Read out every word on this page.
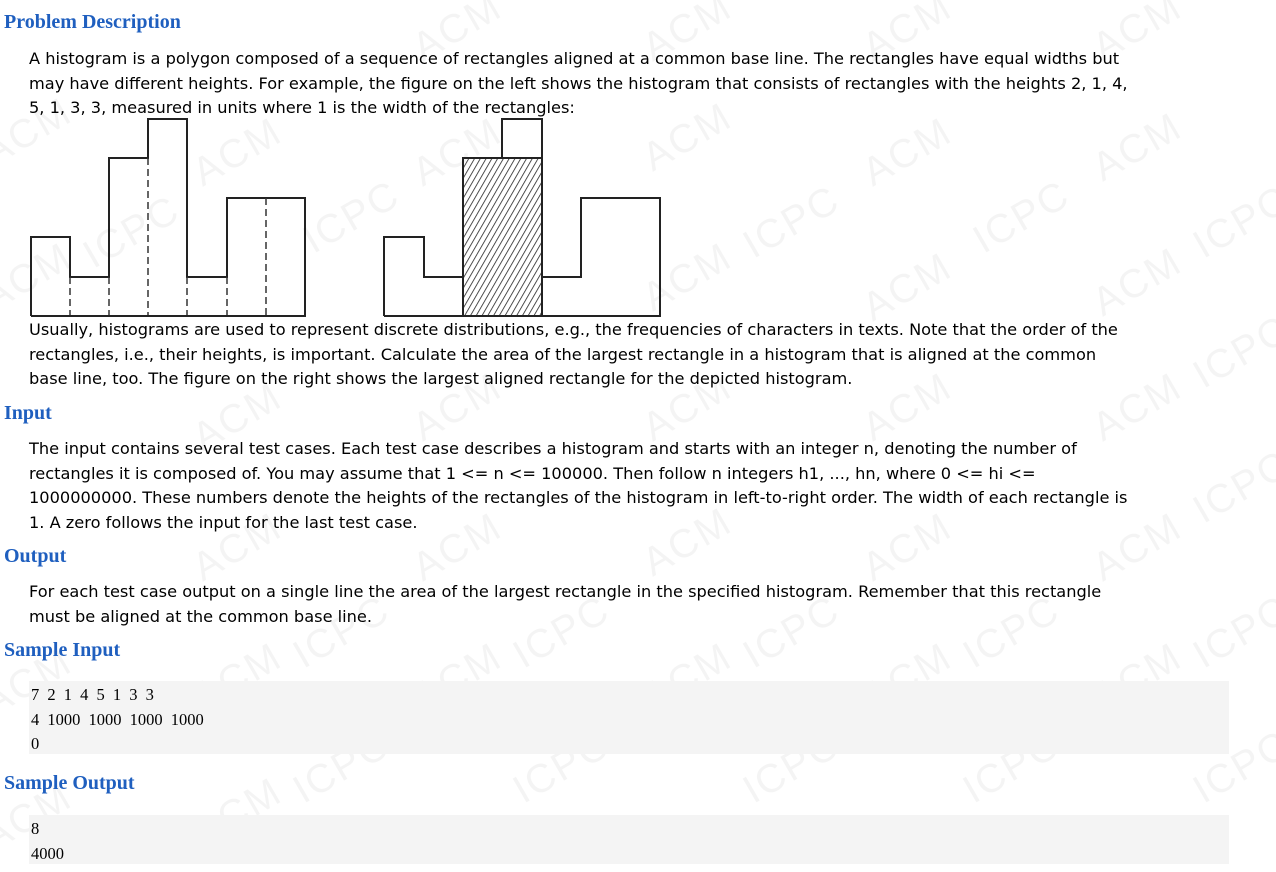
Problem Description
A histogram is a polygon composed of a sequence of rectangles aligned at a common base line. The rectangles have equal widths but
may have different heights. For example, the figure on the left shows the histogram that consists of rectangles with the heights 2, 1, 4,
5, 1, 3, 3, measured in units where 1 is the width of the rectangles:
Usually, histograms are used to represent discrete distributions, e.g., the frequencies of characters in texts. Note that the order of the
rectangles, i.e., their heights, is important. Calculate the area of the largest rectangle in a histogram that is aligned at the common
base line, too. The figure on the right shows the largest aligned rectangle for the depicted histogram.
Input
The input contains several test cases. Each test case describes a histogram and starts with an integer n, denoting the number of
rectangles it is composed of. You may assume that 1 <= n <= 100000. Then follow n integers h1, ..., hn, where 0 <= hi <=
1000000000. These numbers denote the heights of the rectangles of the histogram in left-to-right order. The width of each rectangle is
1. A zero follows the input for the last test case.
Output
For each test case output on a single line the area of the largest rectangle in the specified histogram. Remember that this rectangle
must be aligned at the common base line.
Sample Input
7 2 1 4 5 1 3 3
4 1000 1000 1000 1000
0
Sample Output
8
4000
